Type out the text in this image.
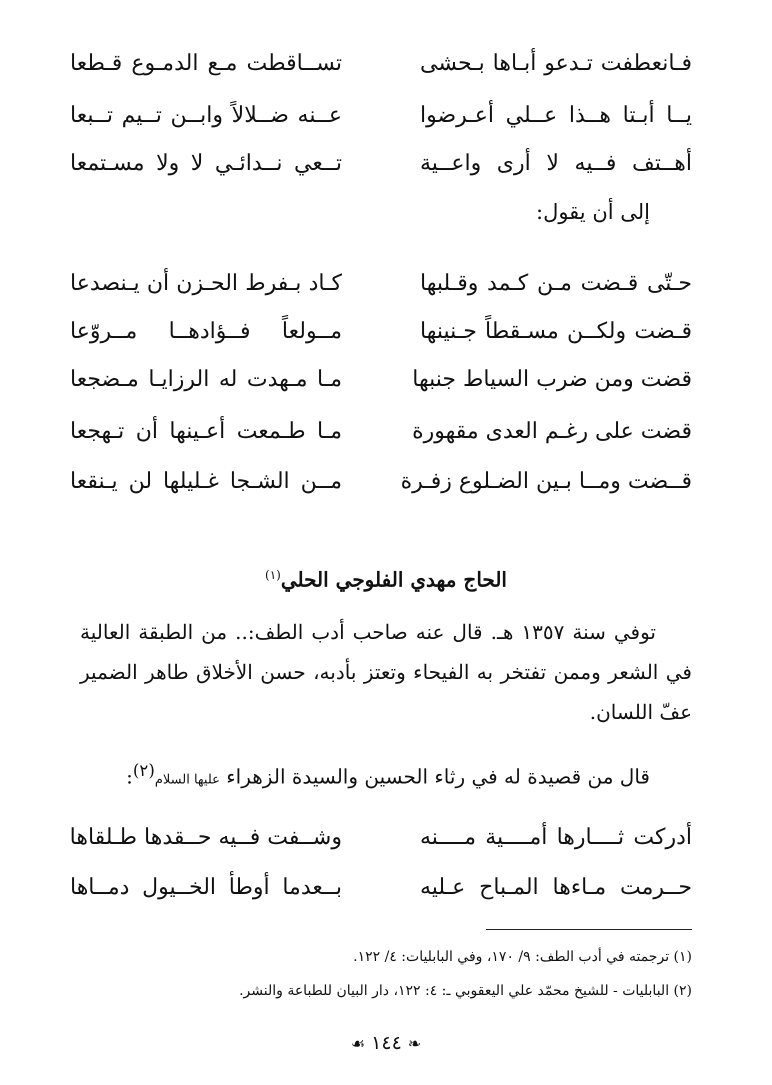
فـانعطفت تـدعو أبـاها بـحشى
تســاقطت مـع الدمـوع قـطعا
يــا أبـتا هــذا عــلي أعـرضوا
عــنه ضــلالاً وابــن تــيم تــبعا
أهــتف فــيه لا أرى واعــية
تــعي نــدائـي لا ولا مسـتمعا
إلى أن يقول:
حـتّى قـضت مـن كـمد وقـلبها
كـاد بـفرط الحـزن أن يـنصدعا
قـضت ولكــن مسـقطاً جـنينها
مــولعاً فــؤادهــا مــروّعا
قضت ومن ضرب السياط جنبها
مـا مـهدت له الرزايـا مـضجعا
قضت على رغـم العدى مقهورة
مـا طـمعت أعـينها أن تـهجعا
قــضت ومــا بـين الضـلوع زفـرة
مــن الشـجا غـليلها لن يـنقعا
الحاج مهدي الفلوجي الحلي$^{(١)}$
توفي سنة ١٣٥٧ هـ. قال عنه صاحب أدب الطف:.. من الطبقة العالية في الشعر وممن تفتخر به الفيحاء وتعتز بأدبه، حسن الأخلاق طاهر الضمير عفّ اللسان.
قال من قصيدة له في رثاء الحسين والسيدة الزهراء عليها السلام$^{(٢)}$:
أدركت ثــــارها أمــــية مــــنه
وشــفت فــيه حــقدها طـلقاها
حــرمت مـاءها المـباح عـليه
بــعدما أوطأ الخــيول دمــاها
(١) ترجمته في أدب الطف: ٩/ ١٧٠، وفي البابليات: ٤/ ١٢٢.
(٢) البابليات - للشيخ محمّد علي اليعقوبي ـ: ٤: ١٢٢، دار البيان للطباعة والنشر.
❧١٤٤☙
